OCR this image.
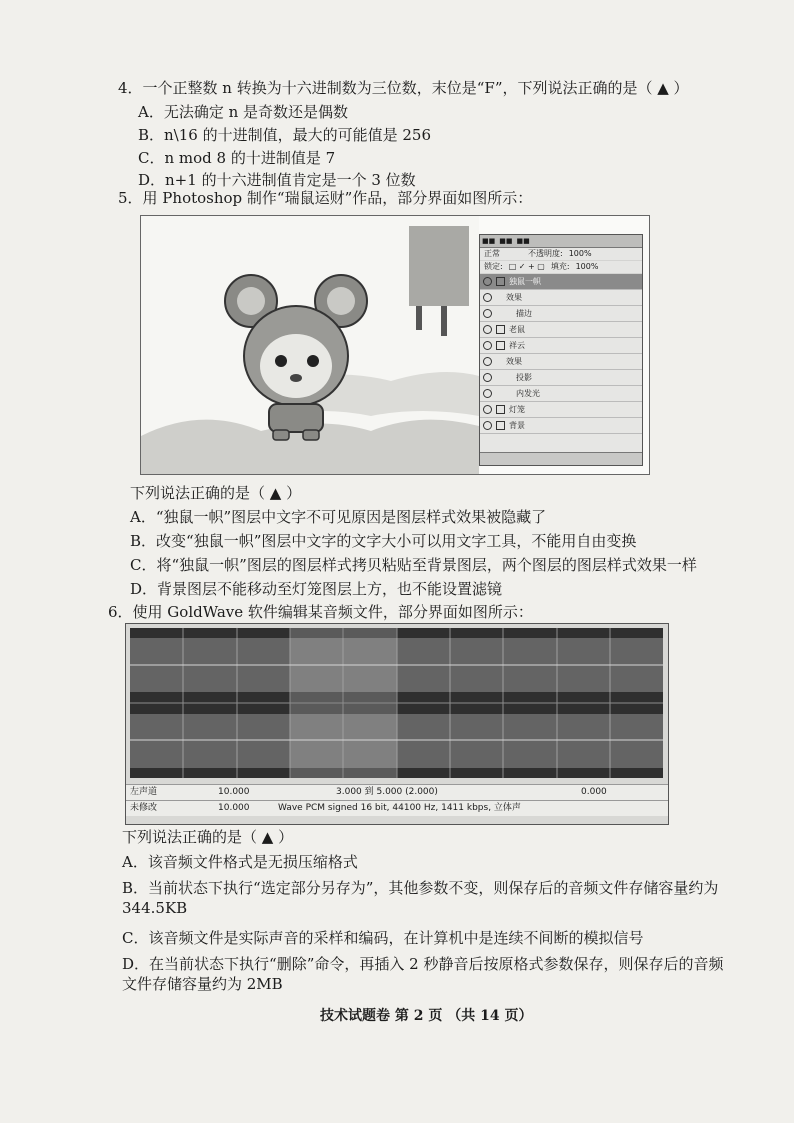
4．一个正整数 n 转换为十六进制数为三位数，末位是“F”，下列说法正确的是（ ▲ ）
A．无法确定 n 是奇数还是偶数
B．n\16 的十进制值，最大的可能值是 256
C．n mod 8 的十进制值是 7
D．n+1 的十六进制值肯定是一个 3 位数
5．用 Photoshop 制作“瑞鼠运财”作品，部分界面如图所示：
■■ ■■ ■■
正常	不透明度: 100%
锁定: □ ✓ + ▢ 填充: 100%
独鼠一帜
效果
描边
老鼠
祥云
效果
投影
内发光
灯笼
背景
下列说法正确的是（ ▲ ）
A．“独鼠一帜”图层中文字不可见原因是图层样式效果被隐藏了
B．改变“独鼠一帜”图层中文字的文字大小可以用文字工具，不能用自由变换
C．将“独鼠一帜”图层的图层样式拷贝粘贴至背景图层，两个图层的图层样式效果一样
D．背景图层不能移动至灯笼图层上方，也不能设置滤镜
6．使用 GoldWave 软件编辑某音频文件，部分界面如图所示：
左声道	10.000	3.000 到 5.000 (2.000)	0.000
未修改	10.000	Wave PCM signed 16 bit, 44100 Hz, 1411 kbps, 立体声
下列说法正确的是（ ▲ ）
A．该音频文件格式是无损压缩格式
B．当前状态下执行“选定部分另存为”，其他参数不变，则保存后的音频文件存储容量约为 344.5KB
C．该音频文件是实际声音的采样和编码，在计算机中是连续不间断的模拟信号
D．在当前状态下执行“删除”命令，再插入 2 秒静音后按原格式参数保存，则保存后的音频文件存储容量约为 2MB
技术试题卷 第 2 页 （共 14 页）
